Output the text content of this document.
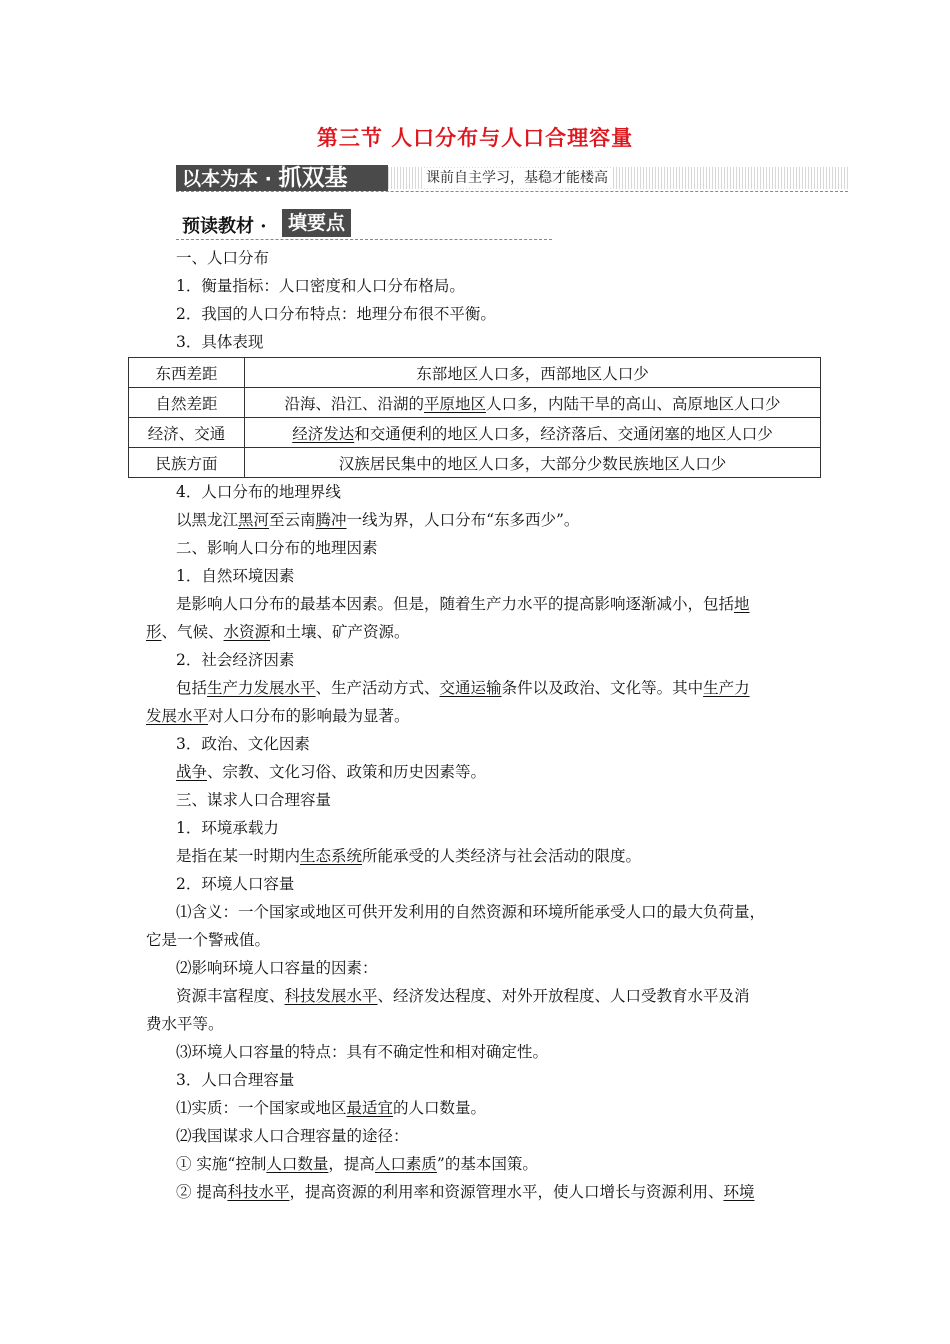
第三节 人口分布与人口合理容量
以本为本 · 抓双基	课前自主学习，基稳才能楼高
预读教材 ·	填要点
一、人口分布
1．衡量指标：人口密度和人口分布格局。
2．我国的人口分布特点：地理分布很不平衡。
3．具体表现
东西差距	东部地区人口多，西部地区人口少
自然差距	沿海、沿江、沿湖的平原地区人口多，内陆干旱的高山、高原地区人口少
经济、交通	经济发达和交通便利的地区人口多，经济落后、交通闭塞的地区人口少
民族方面	汉族居民集中的地区人口多，大部分少数民族地区人口少
4．人口分布的地理界线
以黑龙江黑河至云南腾冲一线为界，人口分布“东多西少”。
二、影响人口分布的地理因素
1．自然环境因素
是影响人口分布的最基本因素。但是，随着生产力水平的提高影响逐渐减小，包括地
形、气候、水资源和土壤、矿产资源。
2．社会经济因素
包括生产力发展水平、生产活动方式、交通运输条件以及政治、文化等。其中生产力
发展水平对人口分布的影响最为显著。
3．政治、文化因素
战争、宗教、文化习俗、政策和历史因素等。
三、谋求人口合理容量
1．环境承载力
是指在某一时期内生态系统所能承受的人类经济与社会活动的限度。
2．环境人口容量
⑴含义：一个国家或地区可供开发利用的自然资源和环境所能承受人口的最大负荷量，
它是一个警戒值。
⑵影响环境人口容量的因素：
资源丰富程度、科技发展水平、经济发达程度、对外开放程度、人口受教育水平及消
费水平等。
⑶环境人口容量的特点：具有不确定性和相对确定性。
3．人口合理容量
⑴实质：一个国家或地区最适宜的人口数量。
⑵我国谋求人口合理容量的途径：
① 实施“控制人口数量，提高人口素质”的基本国策。
② 提高科技水平，提高资源的利用率和资源管理水平，使人口增长与资源利用、环境
